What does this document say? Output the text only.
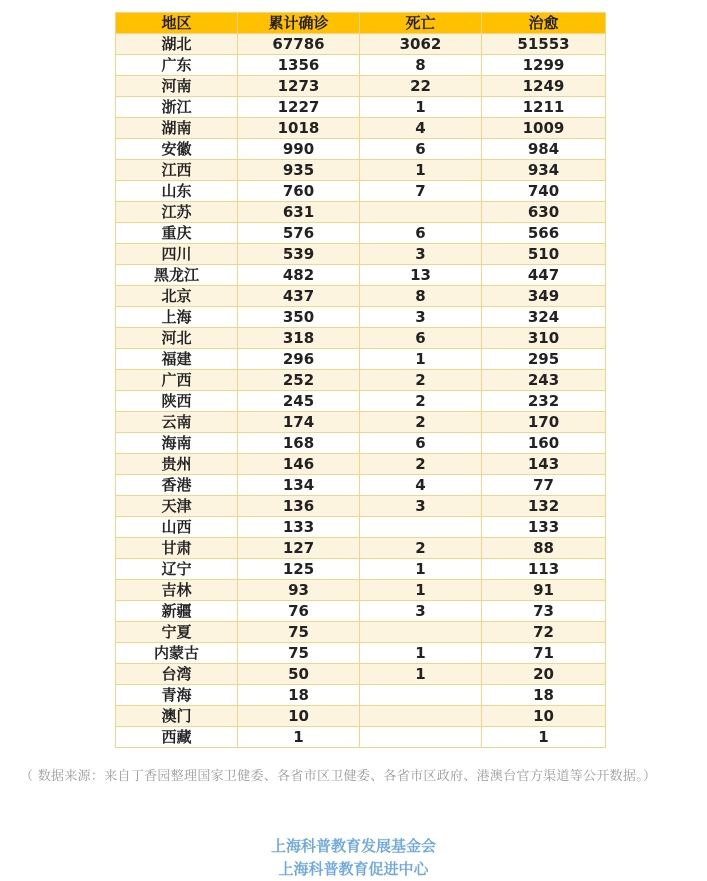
地区	累计确诊	死亡	治愈
湖北	67786	3062	51553
广东	1356	8	1299
河南	1273	22	1249
浙江	1227	1	1211
湖南	1018	4	1009
安徽	990	6	984
江西	935	1	934
山东	760	7	740
江苏	631		630
重庆	576	6	566
四川	539	3	510
黑龙江	482	13	447
北京	437	8	349
上海	350	3	324
河北	318	6	310
福建	296	1	295
广西	252	2	243
陕西	245	2	232
云南	174	2	170
海南	168	6	160
贵州	146	2	143
香港	134	4	77
天津	136	3	132
山西	133		133
甘肃	127	2	88
辽宁	125	1	113
吉林	93	1	91
新疆	76	3	73
宁夏	75		72
内蒙古	75	1	71
台湾	50	1	20
青海	18		18
澳门	10		10
西藏	1		1
（ 数据来源：来自丁香园整理国家卫健委、各省市区卫健委、各省市区政府、港澳台官方渠道等公开数据。）
上海科普教育发展基金会
上海科普教育促进中心
